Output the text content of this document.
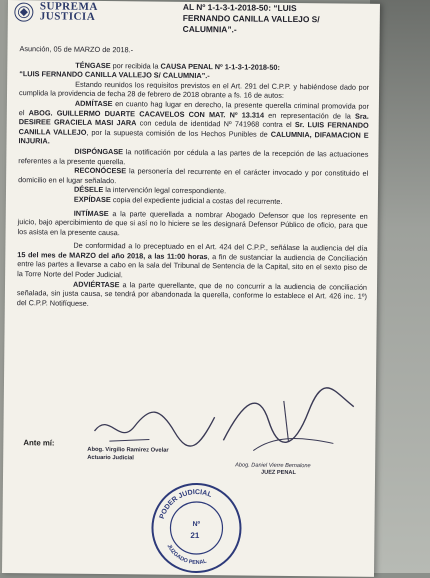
SUPREMA
JUSTICIA
AL Nº 1-1-3-1-2018-50: “LUIS
FERNANDO CANILLA VALLEJO S/
CALUMNIA”.-

Asunción, 05 de MARZO de 2018.-

TÉNGASE por recibida la CAUSA PENAL Nº 1-1-3-1-2018-50:

“LUIS FERNANDO CANILLA VALLEJO S/ CALUMNIA”.-

Estando reunidos los requisitos previstos en el Art. 291 del C.P.P. y habiéndose dado por cumplida la providencia de fecha 28 de febrero de 2018 obrante a fs. 16 de autos:

ADMÍTASE en cuanto hag lugar en derecho, la presente querella criminal promovida por el ABOG. GUILLERMO DUARTE CACAVELOS CON MAT. Nº 13.314 en representación de la Sra. DESIREE GRACIELA MASI JARA con cedula de identidad Nº 741968 contra el Sr. LUIS FERNANDO CANILLA VALLEJO, por la supuesta comisión de los Hechos Punibles de CALUMNIA, DIFAMACION E INJURIA.

DISPÓNGASE la notificación por cédula a las partes de la recepción de las actuaciones referentes a la presente querella.

RECONÓCESE la personería del recurrente en el carácter invocado y por constituido el domicilio en el lugar señalado.

DÉSELE la intervención legal correspondiente.

EXPÍDASE copia del expediente judicial a costas del recurrente.

INTÍMASE a la parte querellada a nombrar Abogado Defensor que los represente en juicio, bajo apercibimiento de que si así no lo hiciere se les designará Defensor Público de oficio, para que los asista en la presente causa.

De conformidad a lo preceptuado en el Art. 424 del C.P.P., señálase la audiencia del día 15 del mes de MARZO del año 2018, a las 11:00 horas, a fin de sustanciar la audiencia de Conciliación entre las partes a llevarse a cabo en la sala del Tribunal de Sentencia de la Capital, sito en el sexto piso de la Torre Norte del Poder Judicial.

ADVIÉRTASE a la parte querellante, que de no concurrir a la audiencia de conciliación señalada, sin justa causa, se tendrá por abandonada la querella, conforme lo establece el Art. 426 inc. 1º) del C.P.P. Notifíquese.

Ante mí:
Abog. Virgilio Ramirez Ovelar
Actuario Judicial
Abog. Daniel Vierre Bernalone
JUEZ PENAL
PODER JUDICIAL
JUZGADO PENAL
Nº
21
